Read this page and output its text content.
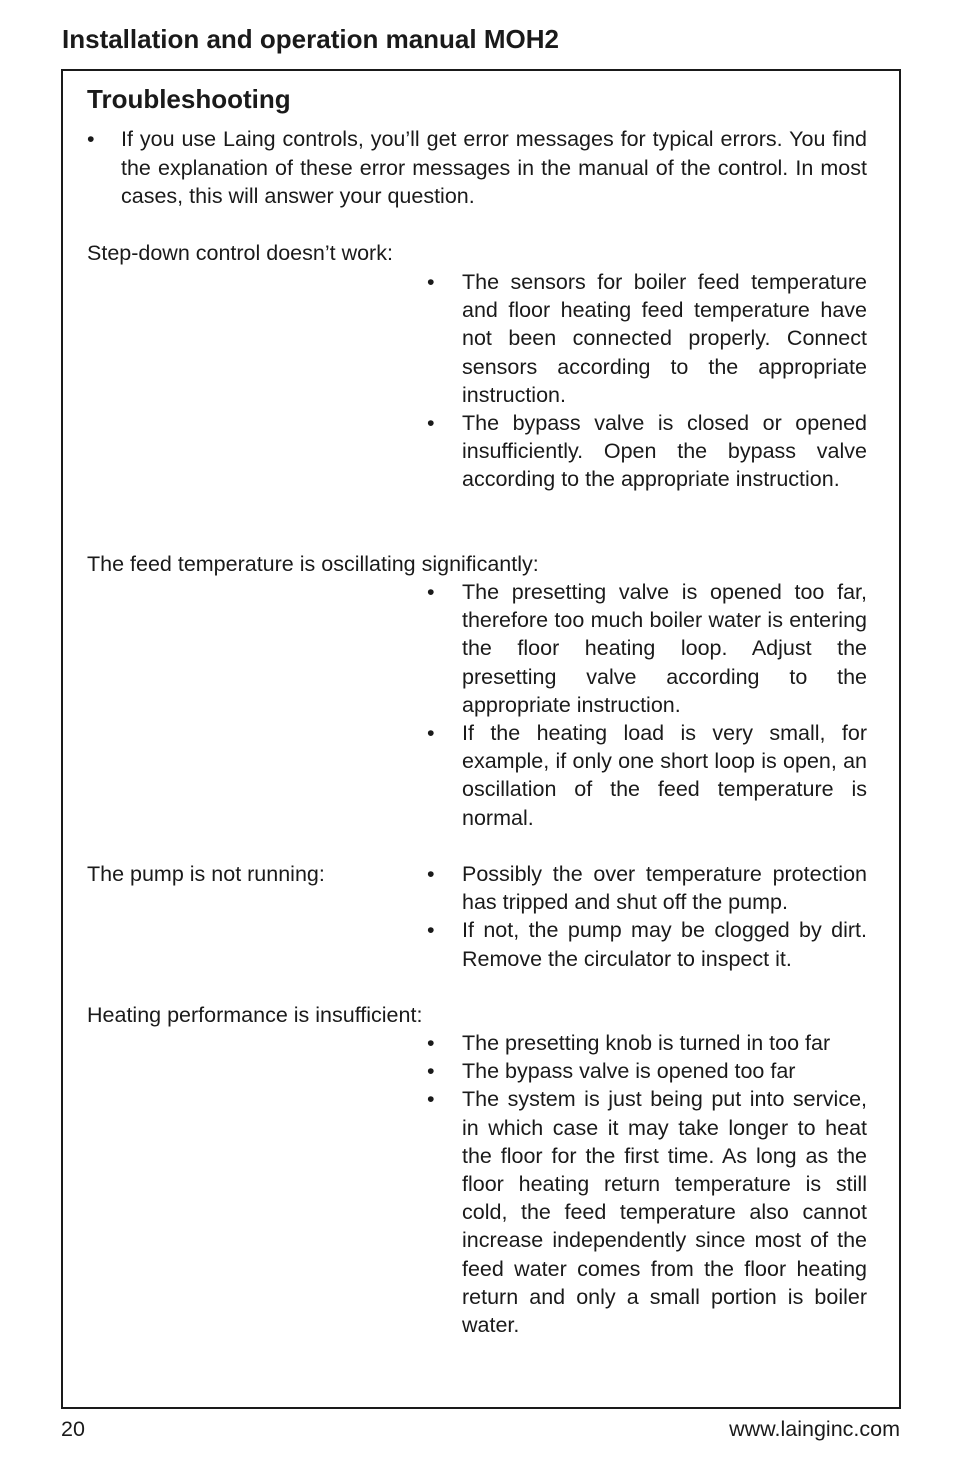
Installation and operation manual MOH2
Troubleshooting
• If you use Laing controls, you’ll get error messages for typical errors. You find the explanation of these error messages in the manual of the control. In most cases, this will answer your question.
Step-down control doesn’t work:
• The sensors for boiler feed temperature and floor heating feed temperature have not been connected properly. Connect sensors according to the appropriate instruction.
• The bypass valve is closed or opened insufficiently. Open the bypass valve according to the appropriate instruction.
The feed temperature is oscillating significantly:
• The presetting valve is opened too far, therefore too much boiler water is entering the floor heating loop. Adjust the presetting valve according to the appropriate instruction.
• If the heating load is very small, for example, if only one short loop is open, an oscillation of the feed temperature is normal.
The pump is not running:	• Possibly the over temperature protection has tripped and shut off the pump.
• If not, the pump may be clogged by dirt. Remove the circulator to inspect it.
Heating performance is insufficient:
• The presetting knob is turned in too far
• The bypass valve is opened too far
• The system is just being put into service, in which case it may take longer to heat the floor for the first time. As long as the floor heating return temperature is still cold, the feed temperature also cannot increase independently since most of the feed water comes from the floor heating return and only a small portion is boiler water.
20	www.lainginc.com
